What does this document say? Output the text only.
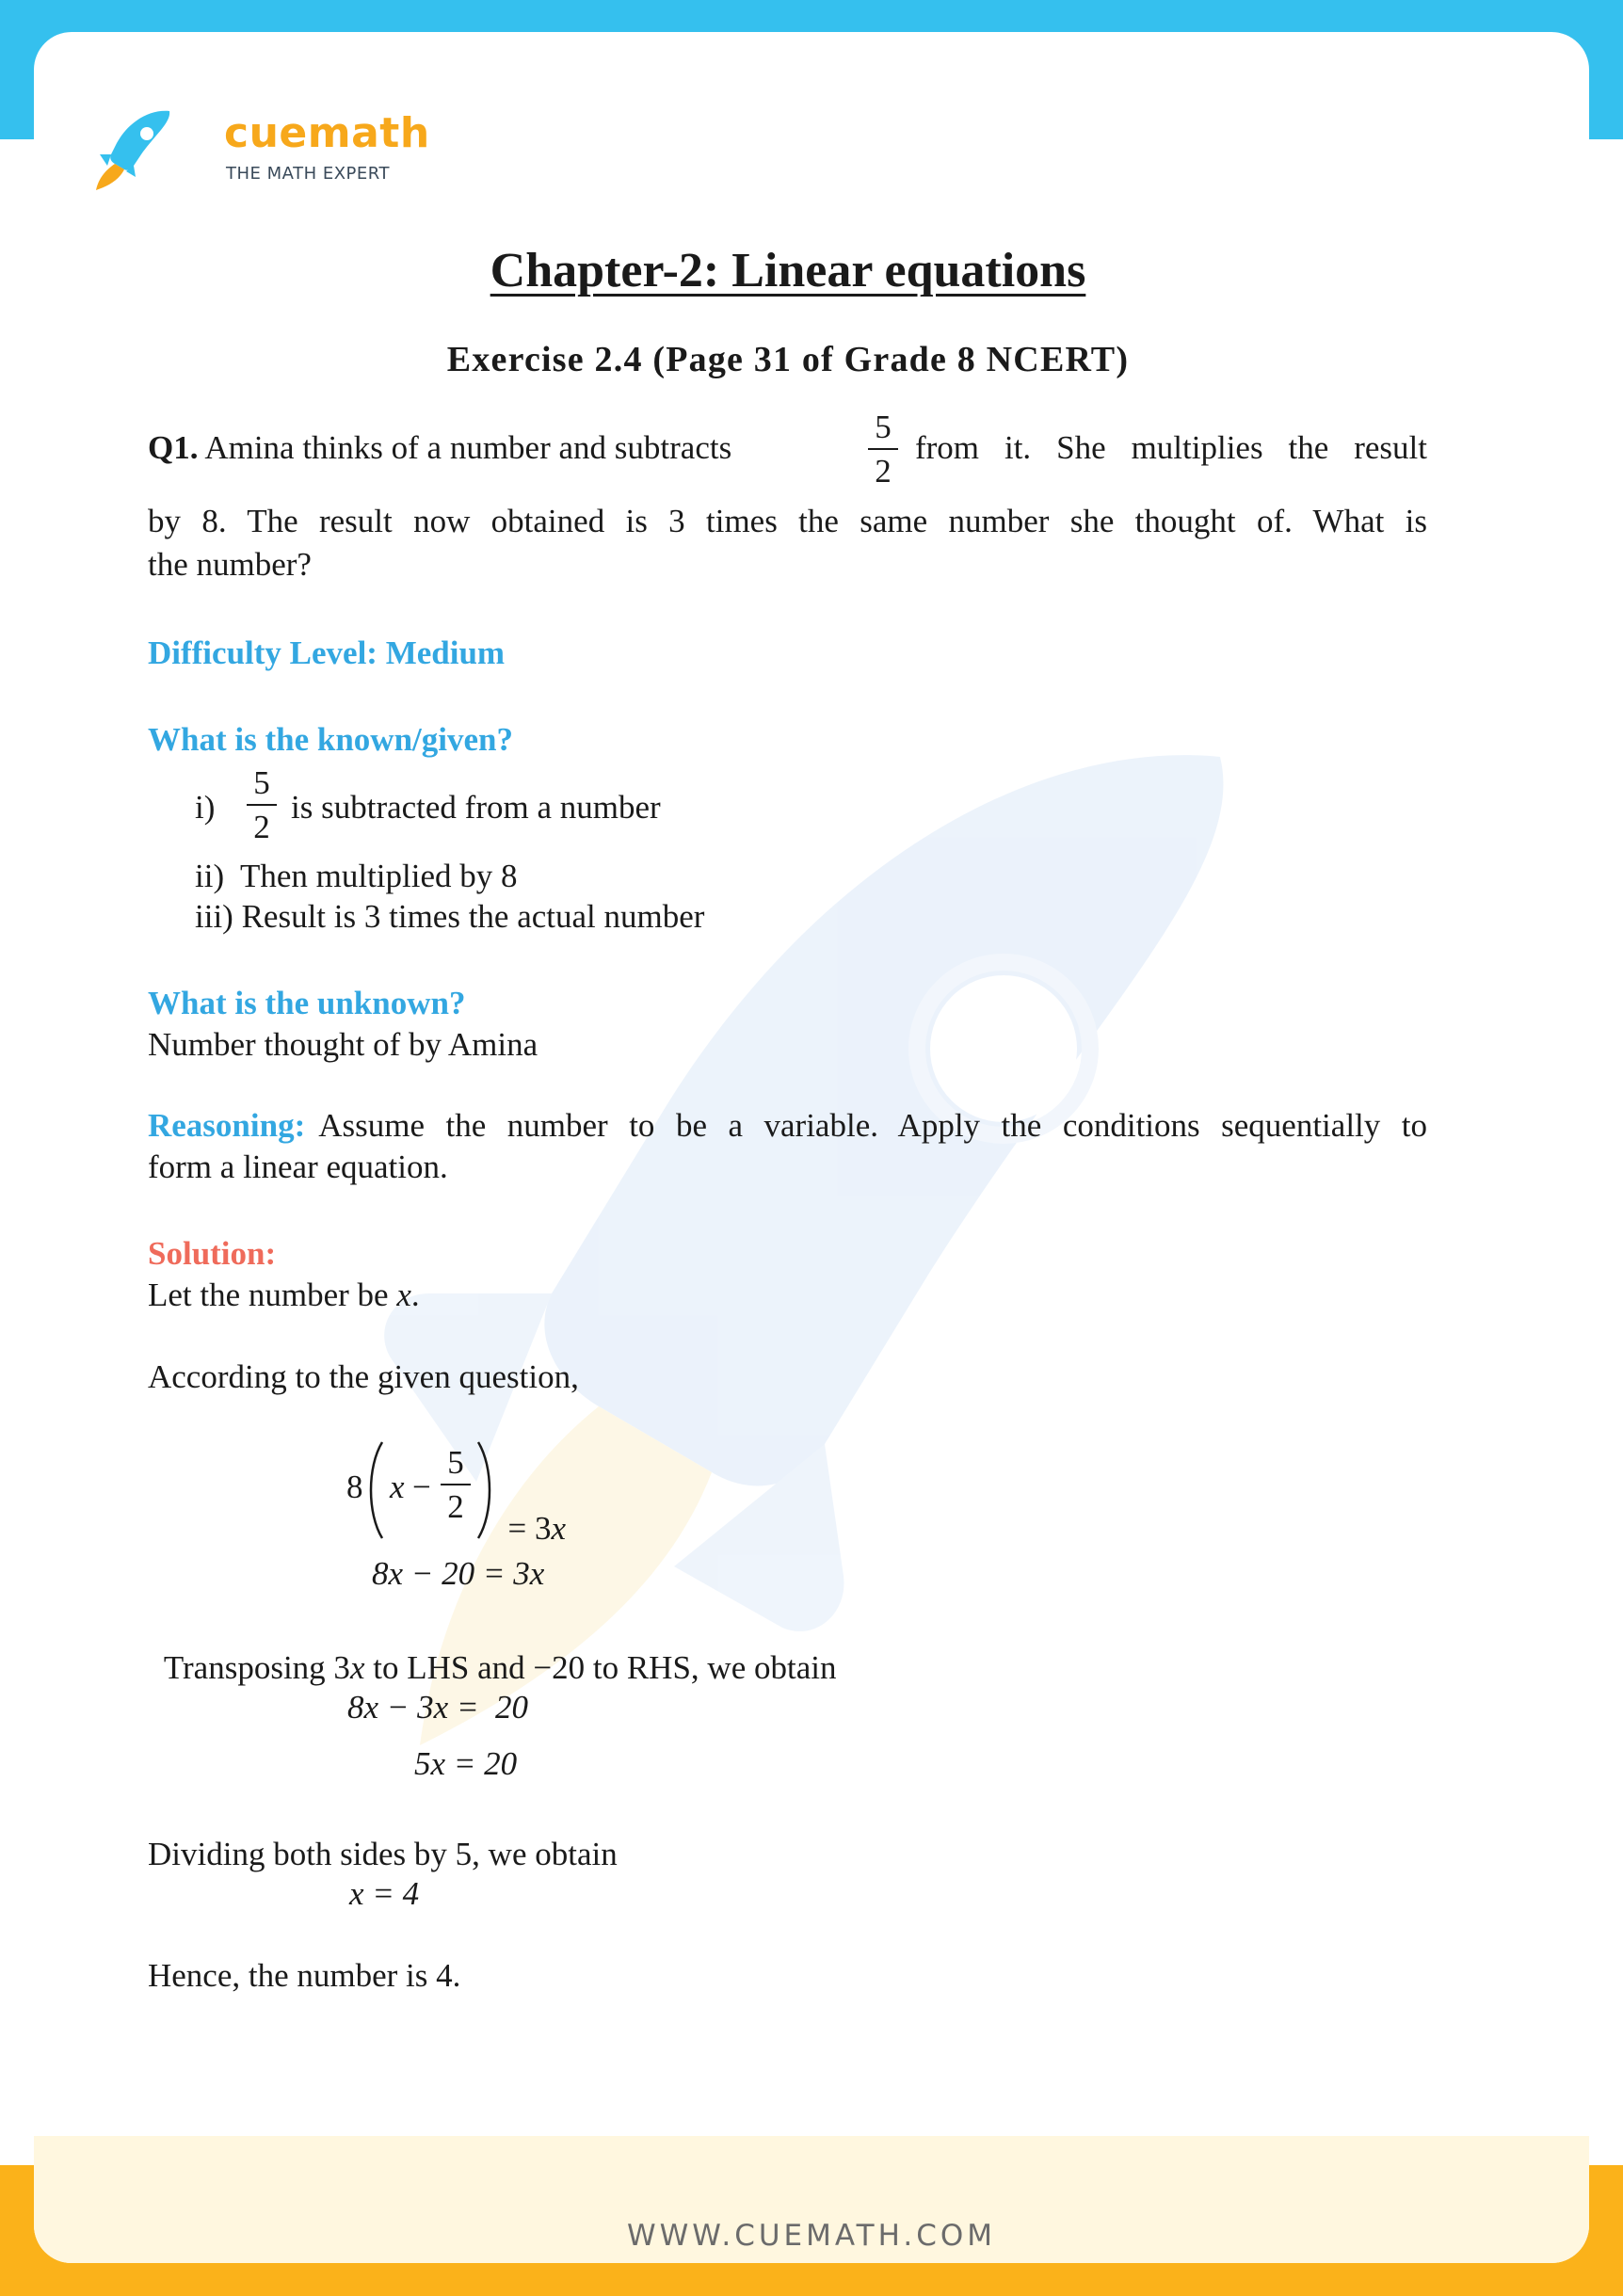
cuemath
THE MATH EXPERT
WWW.CUEMATH.COM
Chapter-2: Linear equations
Exercise 2.4 (Page 31 of Grade 8 NCERT)
Q1. Amina thinks of a number and subtracts
5
2
from it. She multiplies the result
by 8. The result now obtained is 3 times the same number she thought of. What is
the number?
Difficulty Level: Medium
What is the known/given?
i)
5
2
is subtracted from a number
ii)  Then multiplied by 8
iii) Result is 3 times the actual number
What is the unknown?
Number thought of by Amina
Reasoning: Assume the number to be a variable. Apply the conditions sequentially to
form a linear equation.
Solution:
Let the number be x.
According to the given question,
8 x −
5
2

= 3x

8x − 20 = 3x

Transposing 3x to LHS and −20 to RHS, we obtain

8x − 3x =  20
5x = 20
Dividing both sides by 5, we obtain
x = 4
Hence, the number is 4.
